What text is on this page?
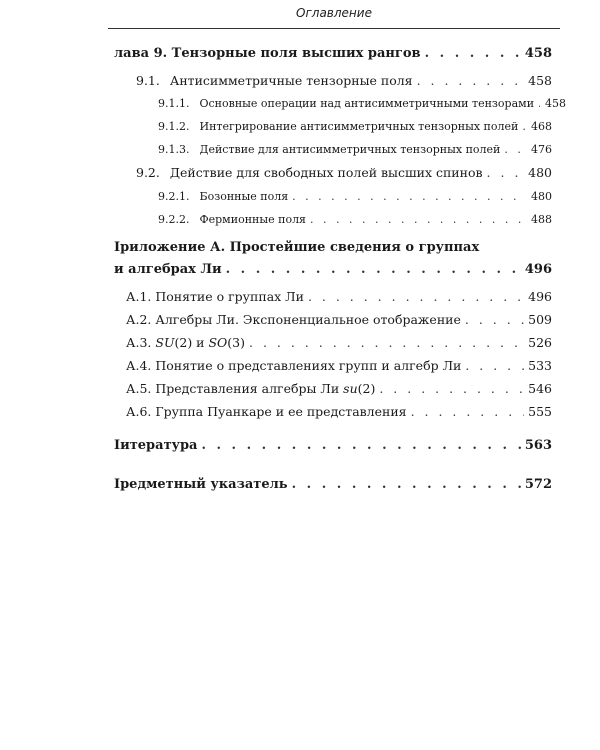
Оглавление
лава 9. Тензорные поля высших рангов . . .	458
9.1. Антисимметричные тензорные поля . . .	458
9.1.1. Основные операции над антисимметричными тензорами . . . 458
9.1.2. Интегрирование антисимметричных тензорных полей . . . 468
9.1.3. Действие для антисимметричных тензорных полей . . .	476
9.2. Действие для свободных полей высших спинов . . .	480
9.2.1. Бозонные поля . . .	480
9.2.2. Фермионные поля . . .	488
Іриложение А. Простейшие сведения о группах
и алгебрах Ли . . .	496
А.1. Понятие о группах Ли . . .	496
А.2. Алгебры Ли. Экспоненциальное отображение . . .	509
А.3. SU(2) и SO(3) . . .	526
А.4. Понятие о представлениях групп и алгебр Ли . . .	533
А.5. Представления алгебры Ли su(2) . . .	546
А.6. Группа Пуанкаре и ее представления . . .	555
Іитература . . .	563
Іредметный указатель . . .	572
